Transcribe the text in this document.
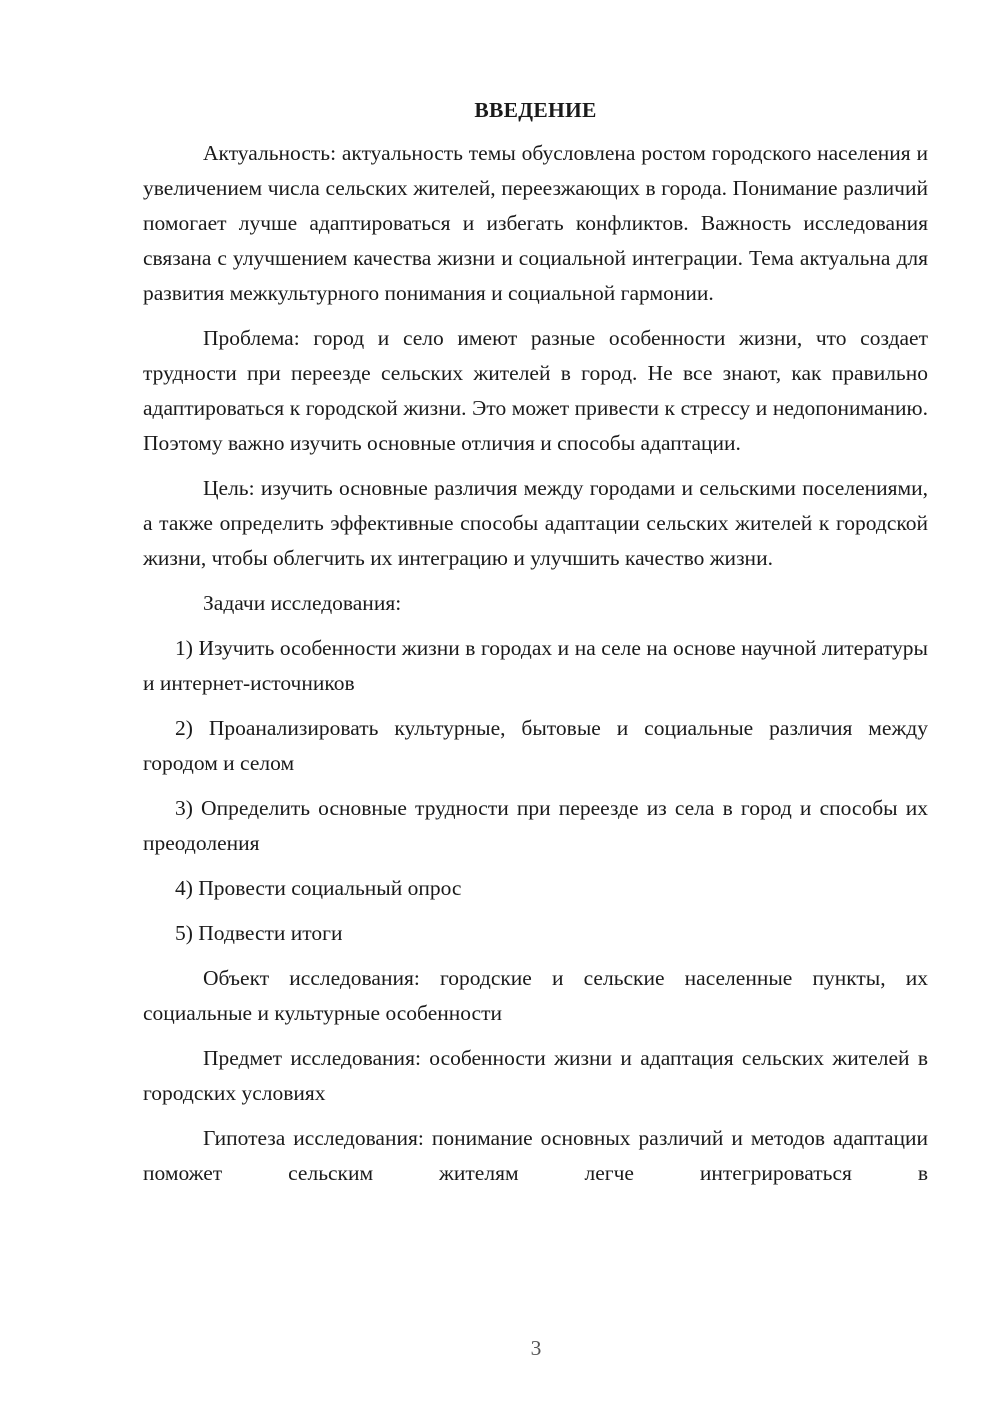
ВВЕДЕНИЕ

Актуальность: актуальность темы обусловлена ростом городского населения и увеличением числа сельских жителей, переезжающих в города. Понимание различий помогает лучше адаптироваться и избегать конфликтов. Важность исследования связана с улучшением качества жизни и социальной интеграции. Тема актуальна для развития межкультурного понимания и социальной гармонии.

Проблема: город и село имеют разные особенности жизни, что создает трудности при переезде сельских жителей в город. Не все знают, как правильно адаптироваться к городской жизни. Это может привести к стрессу и недопониманию. Поэтому важно изучить основные отличия и способы адаптации.

Цель: изучить основные различия между городами и сельскими поселениями, а также определить эффективные способы адаптации сельских жителей к городской жизни, чтобы облегчить их интеграцию и улучшить качество жизни.

Задачи исследования:

1) Изучить особенности жизни в городах и на селе на основе научной литературы и интернет-источников

2) Проанализировать культурные, бытовые и социальные различия между городом и селом

3) Определить основные трудности при переезде из села в город и способы их преодоления

4) Провести социальный опрос

5) Подвести итоги

Объект исследования: городские и сельские населенные пункты, их социальные и культурные особенности

Предмет исследования: особенности жизни и адаптация сельских жителей в городских условиях

Гипотеза исследования: понимание основных различий и методов адаптации поможет сельским жителям легче интегрироваться в

3
